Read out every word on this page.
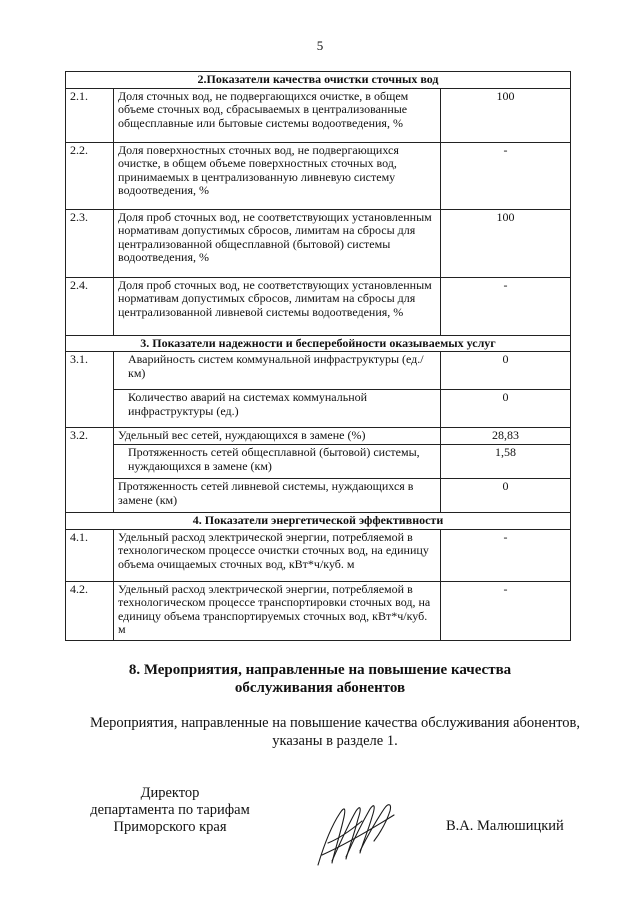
5
2.Показатели качества очистки сточных вод		
2.1.	Доля сточных вод, не подвергающихся очистке, в общем объеме сточных вод, сбрасываемых в централизованные общесплавные или бытовые системы водоотведения, %	100
2.2.	Доля поверхностных сточных вод, не подвергающихся очистке, в общем объеме поверхностных сточных вод, принимаемых в централизованную ливневую систему водоотведения, %	-
2.3.	Доля проб сточных вод, не соответствующих установленным нормативам допустимых сбросов, лимитам на сбросы для централизованной общесплавной (бытовой) системы водоотведения, %	100
2.4.	Доля проб сточных вод, не соответствующих установленным нормативам допустимых сбросов, лимитам на сбросы для централизованной ливневой системы водоотведения, %	-
3. Показатели надежности и бесперебойности оказываемых услуг		
3.1.	Аварийность систем коммунальной инфраструктуры (ед./км)	0
	Количество аварий на системах коммунальной инфраструктуры (ед.)	0
3.2.	Удельный вес сетей, нуждающихся в замене (%)	28,83
	Протяженность сетей общесплавной (бытовой) системы, нуждающихся в замене (км)	1,58
	Протяженность сетей ливневой системы, нуждающихся в замене (км)	0
4. Показатели энергетической эффективности		
4.1.	Удельный расход электрической энергии, потребляемой в технологическом процессе очистки сточных вод, на единицу объема очищаемых сточных вод, кВт*ч/куб. м	-
4.2.	Удельный расход электрической энергии, потребляемой в технологическом процессе транспортировки сточных вод, на единицу объема транспортируемых сточных вод, кВт*ч/куб. м	-
8. Мероприятия, направленные на повышение качества
обслуживания абонентов
Мероприятия, направленные на повышение качества обслуживания абонентов,
указаны в разделе 1.
Директор
департамента по тарифам
Приморского края	В.А. Малюшицкий
